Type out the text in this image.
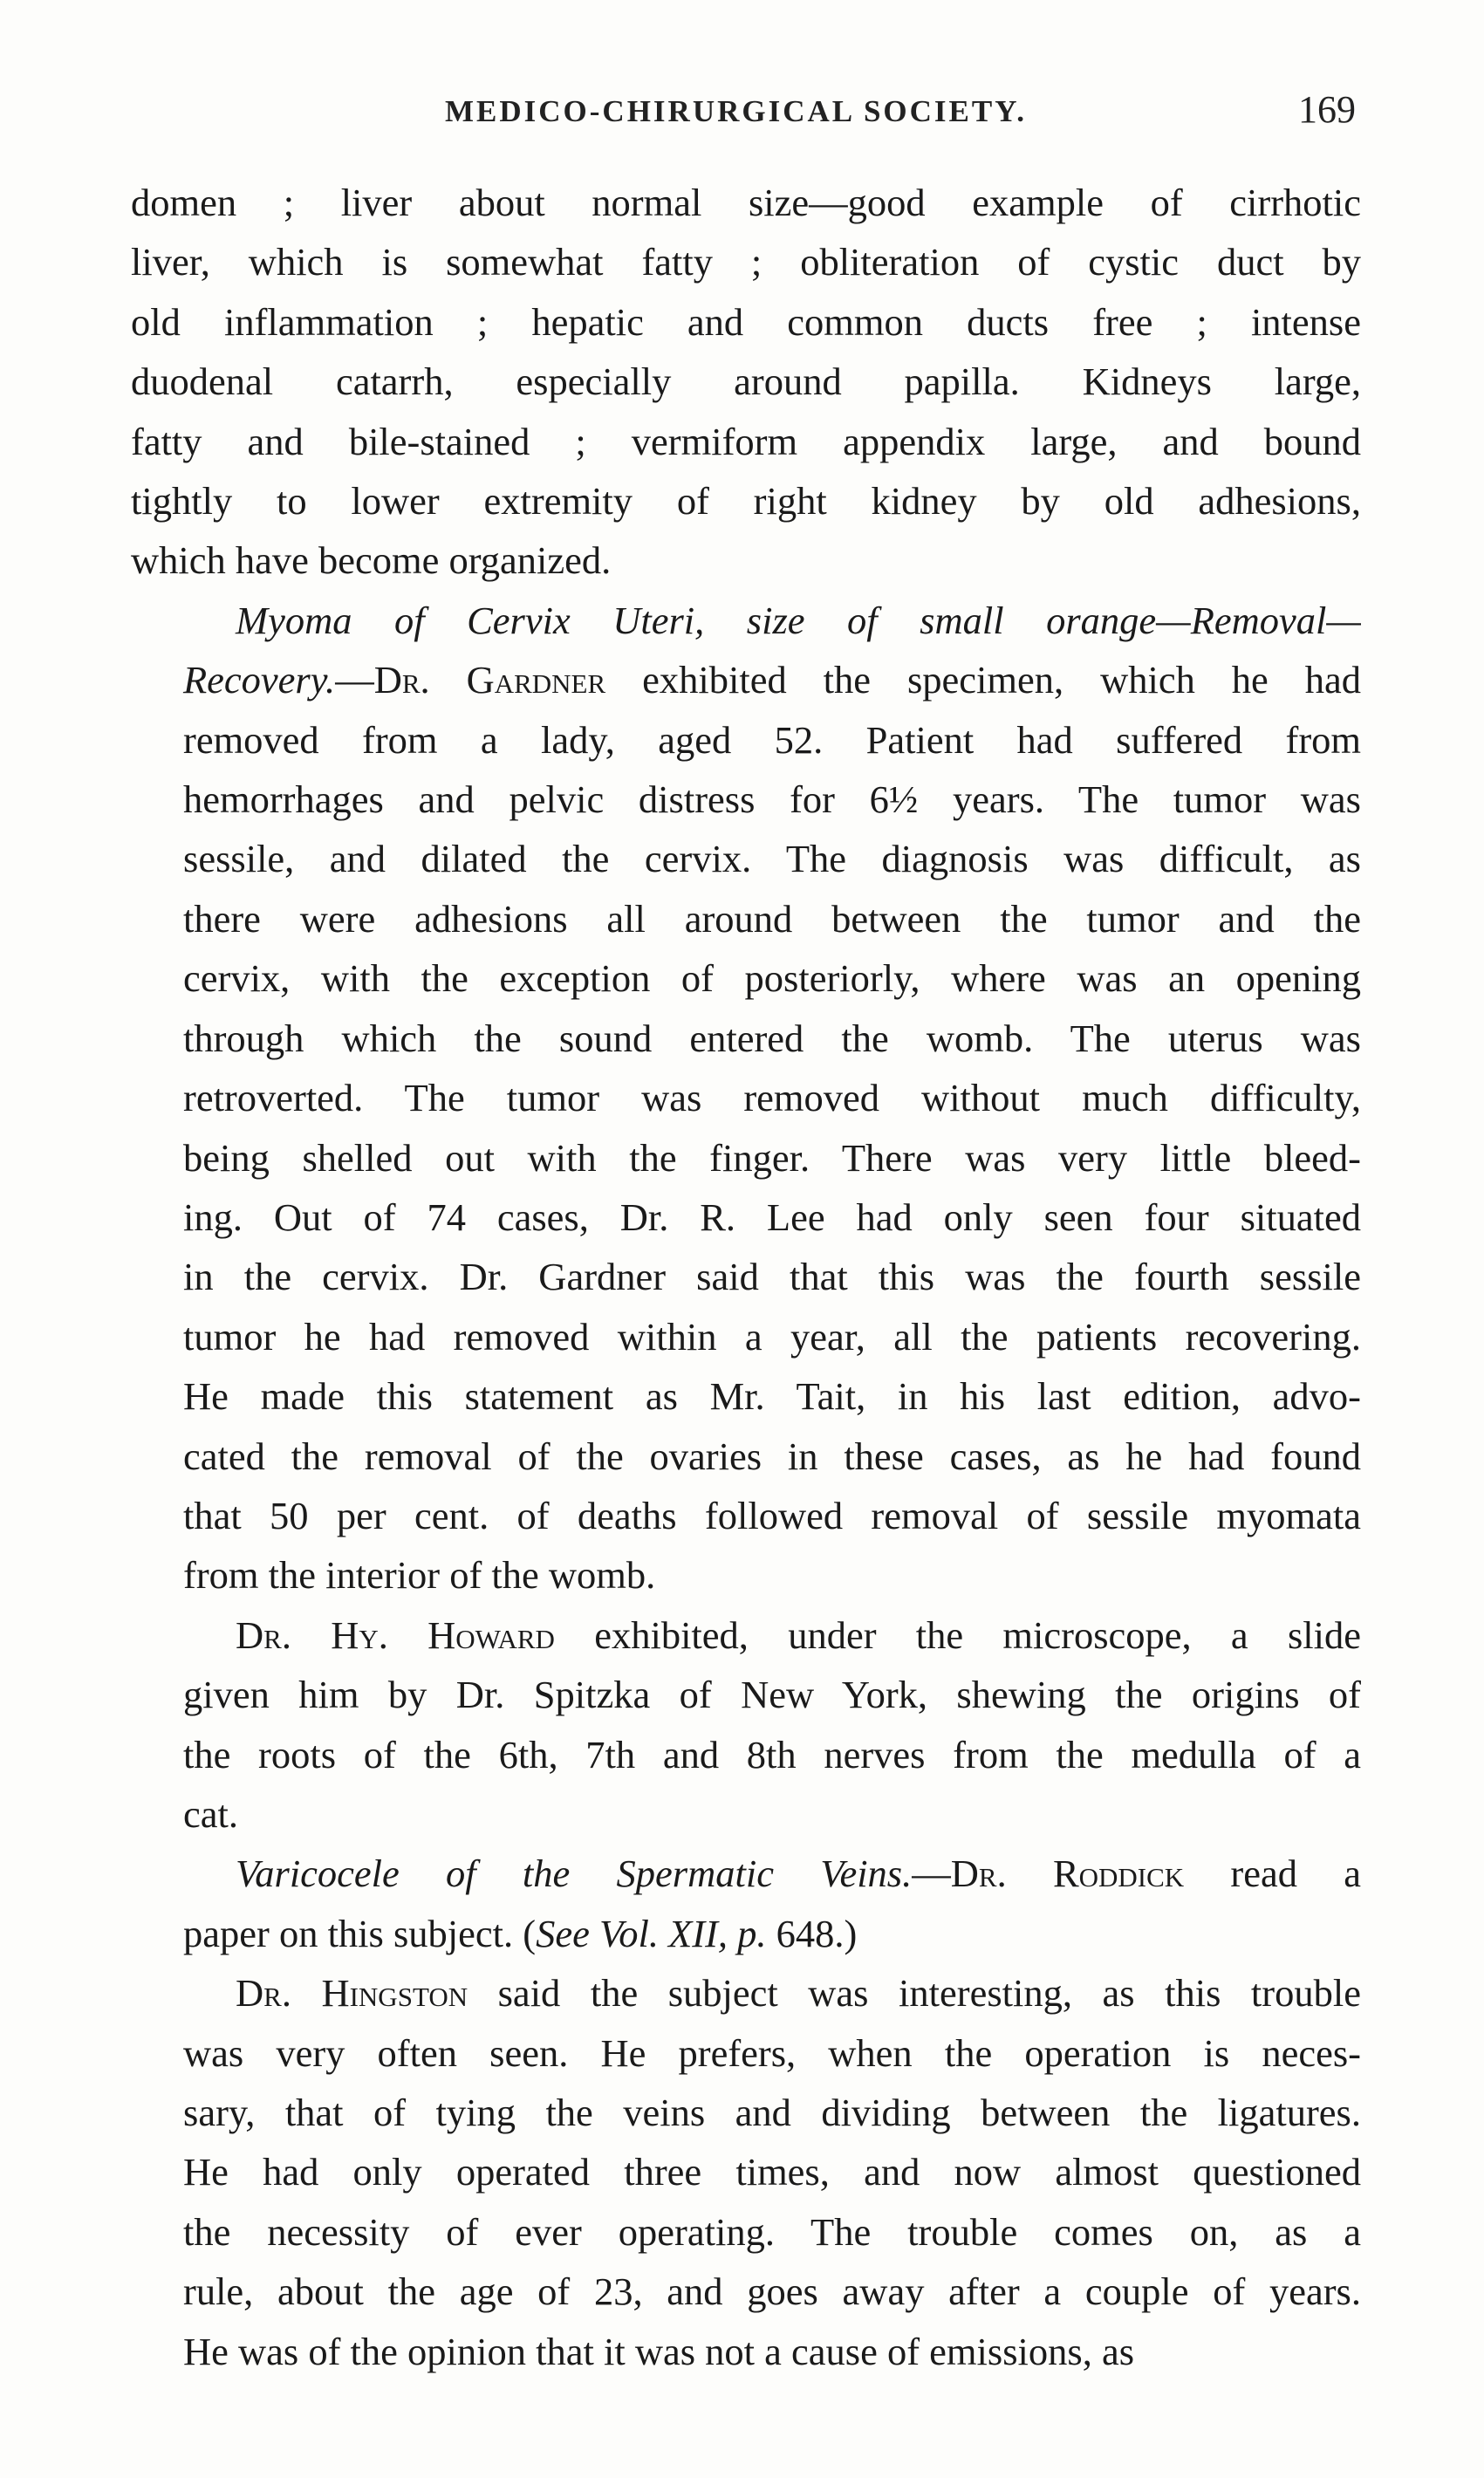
MEDICO-CHIRURGICAL SOCIETY.	169

domen ; liver about normal size—good example of cirrhotic
liver, which is somewhat fatty ; obliteration of cystic duct by
old inflammation ; hepatic and common ducts free ; intense
duodenal catarrh, especially around papilla. Kidneys large,
fatty and bile-stained ; vermiform appendix large, and bound
tightly to lower extremity of right kidney by old adhesions,
which have become organized.

Myoma of Cervix Uteri, size of small orange—Removal—
Recovery.—Dr. Gardner exhibited the specimen, which he had
removed from a lady, aged 52. Patient had suffered from
hemorrhages and pelvic distress for 6½ years. The tumor was
sessile, and dilated the cervix. The diagnosis was difficult, as
there were adhesions all around between the tumor and the
cervix, with the exception of posteriorly, where was an opening
through which the sound entered the womb. The uterus was
retroverted. The tumor was removed without much difficulty,
being shelled out with the finger. There was very little bleed-
ing. Out of 74 cases, Dr. R. Lee had only seen four situated
in the cervix. Dr. Gardner said that this was the fourth sessile
tumor he had removed within a year, all the patients recovering.
He made this statement as Mr. Tait, in his last edition, advo-
cated the removal of the ovaries in these cases, as he had found
that 50 per cent. of deaths followed removal of sessile myomata
from the interior of the womb.

Dr. Hy. Howard exhibited, under the microscope, a slide
given him by Dr. Spitzka of New York, shewing the origins of
the roots of the 6th, 7th and 8th nerves from the medulla of a
cat.

Varicocele of the Spermatic Veins.—Dr. Roddick read a
paper on this subject. (See Vol. XII, p. 648.)

Dr. Hingston said the subject was interesting, as this trouble
was very often seen. He prefers, when the operation is neces-
sary, that of tying the veins and dividing between the ligatures.
He had only operated three times, and now almost questioned
the necessity of ever operating. The trouble comes on, as a
rule, about the age of 23, and goes away after a couple of years.
He was of the opinion that it was not a cause of emissions, as
